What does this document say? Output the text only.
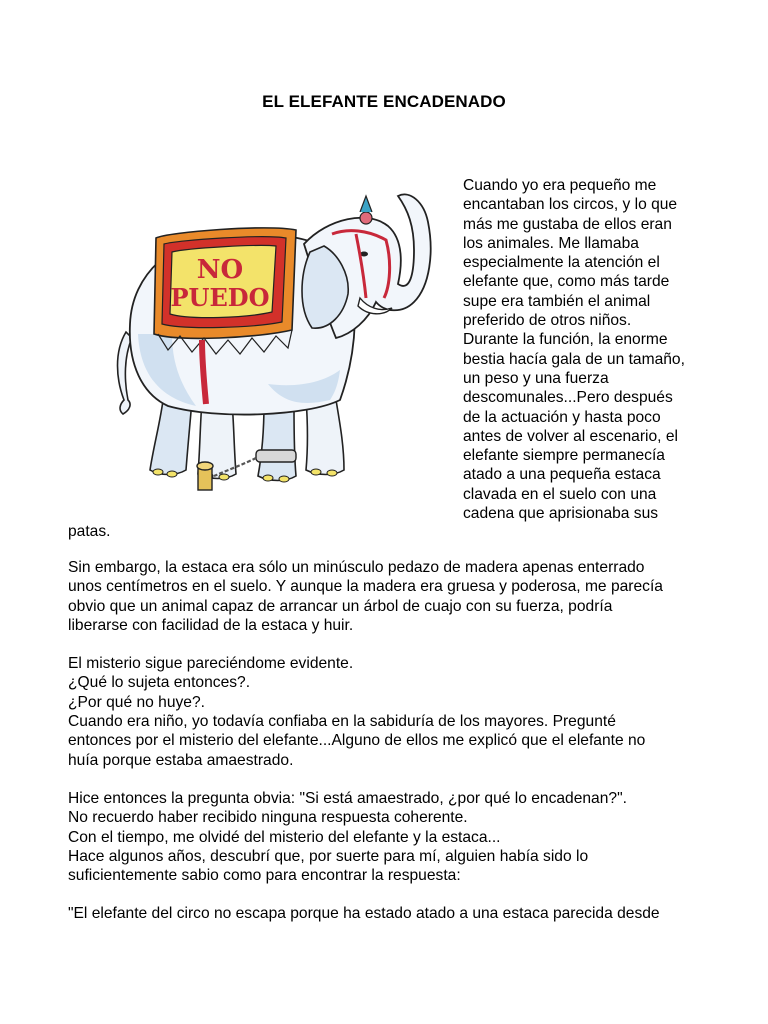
EL ELEFANTE ENCADENADO
NO
PUEDO
Cuando yo era pequeño me
encantaban los circos, y lo que
más me gustaba de ellos eran
los animales. Me llamaba
especialmente la atención el
elefante que, como más tarde
supe era también el animal
preferido de otros niños.
Durante la función, la enorme
bestia hacía gala de un tamaño,
un peso y una fuerza
descomunales...Pero después
de la actuación y hasta poco
antes de volver al escenario, el
elefante siempre permanecía
atado a una pequeña estaca
clavada en el suelo con una
cadena que aprisionaba sus
patas.

Sin embargo, la estaca era sólo un minúsculo pedazo de madera apenas enterrado
unos centímetros en el suelo. Y aunque la madera era gruesa y poderosa, me parecía
obvio que un animal capaz de arrancar un árbol de cuajo con su fuerza, podría
liberarse con facilidad de la estaca y huir.

El misterio sigue pareciéndome evidente.
¿Qué lo sujeta entonces?.
¿Por qué no huye?.
Cuando era niño, yo todavía confiaba en la sabiduría de los mayores. Pregunté
entonces por el misterio del elefante...Alguno de ellos me explicó que el elefante no
huía porque estaba amaestrado.

Hice entonces la pregunta obvia: "Si está amaestrado, ¿por qué lo encadenan?".
No recuerdo haber recibido ninguna respuesta coherente.
Con el tiempo, me olvidé del misterio del elefante y la estaca...
Hace algunos años, descubrí que, por suerte para mí, alguien había sido lo
suficientemente sabio como para encontrar la respuesta:

"El elefante del circo no escapa porque ha estado atado a una estaca parecida desde
